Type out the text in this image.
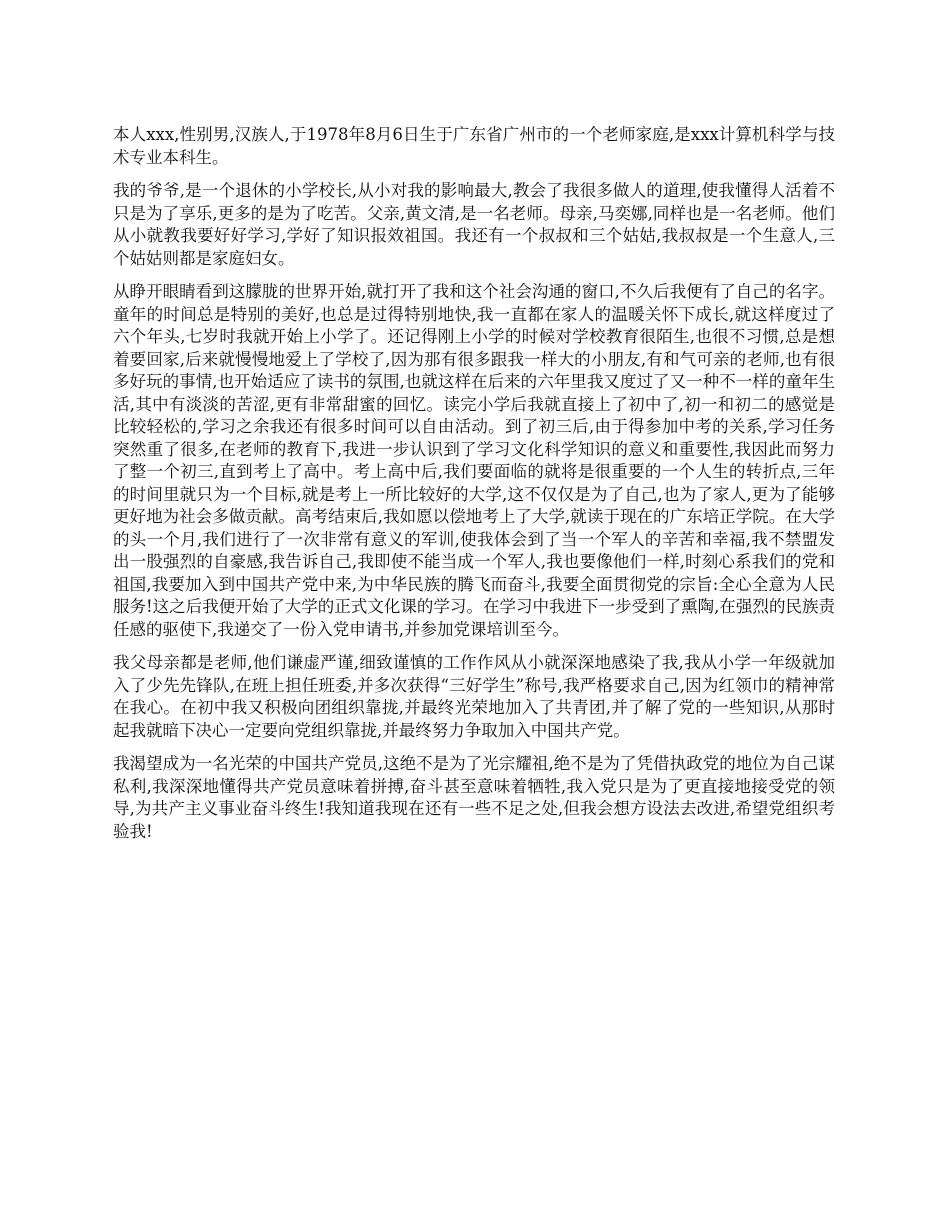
本人xxx,性别男,汉族人,于1978年8月6日生于广东省广州市的一个老师家庭,是xxx计算机科学与技术专业本科生。

我的爷爷,是一个退休的小学校长,从小对我的影响最大,教会了我很多做人的道理,使我懂得人活着不只是为了享乐,更多的是为了吃苦。父亲,黄文清,是一名老师。母亲,马奕娜,同样也是一名老师。他们从小就教我要好好学习,学好了知识报效祖国。我还有一个叔叔和三个姑姑,我叔叔是一个生意人,三个姑姑则都是家庭妇女。

从睁开眼睛看到这朦胧的世界开始,就打开了我和这个社会沟通的窗口,不久后我便有了自己的名字。童年的时间总是特别的美好,也总是过得特别地快,我一直都在家人的温暖关怀下成长,就这样度过了六个年头,七岁时我就开始上小学了。还记得刚上小学的时候对学校教育很陌生,也很不习惯,总是想着要回家,后来就慢慢地爱上了学校了,因为那有很多跟我一样大的小朋友,有和气可亲的老师,也有很多好玩的事情,也开始适应了读书的氛围,也就这样在后来的六年里我又度过了又一种不一样的童年生活,其中有淡淡的苦涩,更有非常甜蜜的回忆。读完小学后我就直接上了初中了,初一和初二的感觉是比较轻松的,学习之余我还有很多时间可以自由活动。到了初三后,由于得参加中考的关系,学习任务突然重了很多,在老师的教育下,我进一步认识到了学习文化科学知识的意义和重要性,我因此而努力了整一个初三,直到考上了高中。考上高中后,我们要面临的就将是很重要的一个人生的转折点,三年的时间里就只为一个目标,就是考上一所比较好的大学,这不仅仅是为了自己,也为了家人,更为了能够更好地为社会多做贡献。高考结束后,我如愿以偿地考上了大学,就读于现在的广东培正学院。在大学的头一个月,我们进行了一次非常有意义的军训,使我体会到了当一个军人的辛苦和幸福,我不禁盟发出一股强烈的自豪感,我告诉自己,我即使不能当成一个军人,我也要像他们一样,时刻心系我们的党和祖国,我要加入到中国共产党中来,为中华民族的腾飞而奋斗,我要全面贯彻党的宗旨:全心全意为人民服务!这之后我便开始了大学的正式文化课的学习。在学习中我进下一步受到了熏陶,在强烈的民族责任感的驱使下,我递交了一份入党申请书,并参加党课培训至今。

我父母亲都是老师,他们谦虚严谨,细致谨慎的工作作风从小就深深地感染了我,我从小学一年级就加入了少先先锋队,在班上担任班委,并多次获得“三好学生”称号,我严格要求自己,因为红领巾的精神常在我心。在初中我又积极向团组织靠拢,并最终光荣地加入了共青团,并了解了党的一些知识,从那时起我就暗下决心一定要向党组织靠拢,并最终努力争取加入中国共产党。

我渴望成为一名光荣的中国共产党员,这绝不是为了光宗耀祖,绝不是为了凭借执政党的地位为自己谋私利,我深深地懂得共产党员意味着拼搏,奋斗甚至意味着牺牲,我入党只是为了更直接地接受党的领导,为共产主义事业奋斗终生!我知道我现在还有一些不足之处,但我会想方设法去改进,希望党组织考验我!
